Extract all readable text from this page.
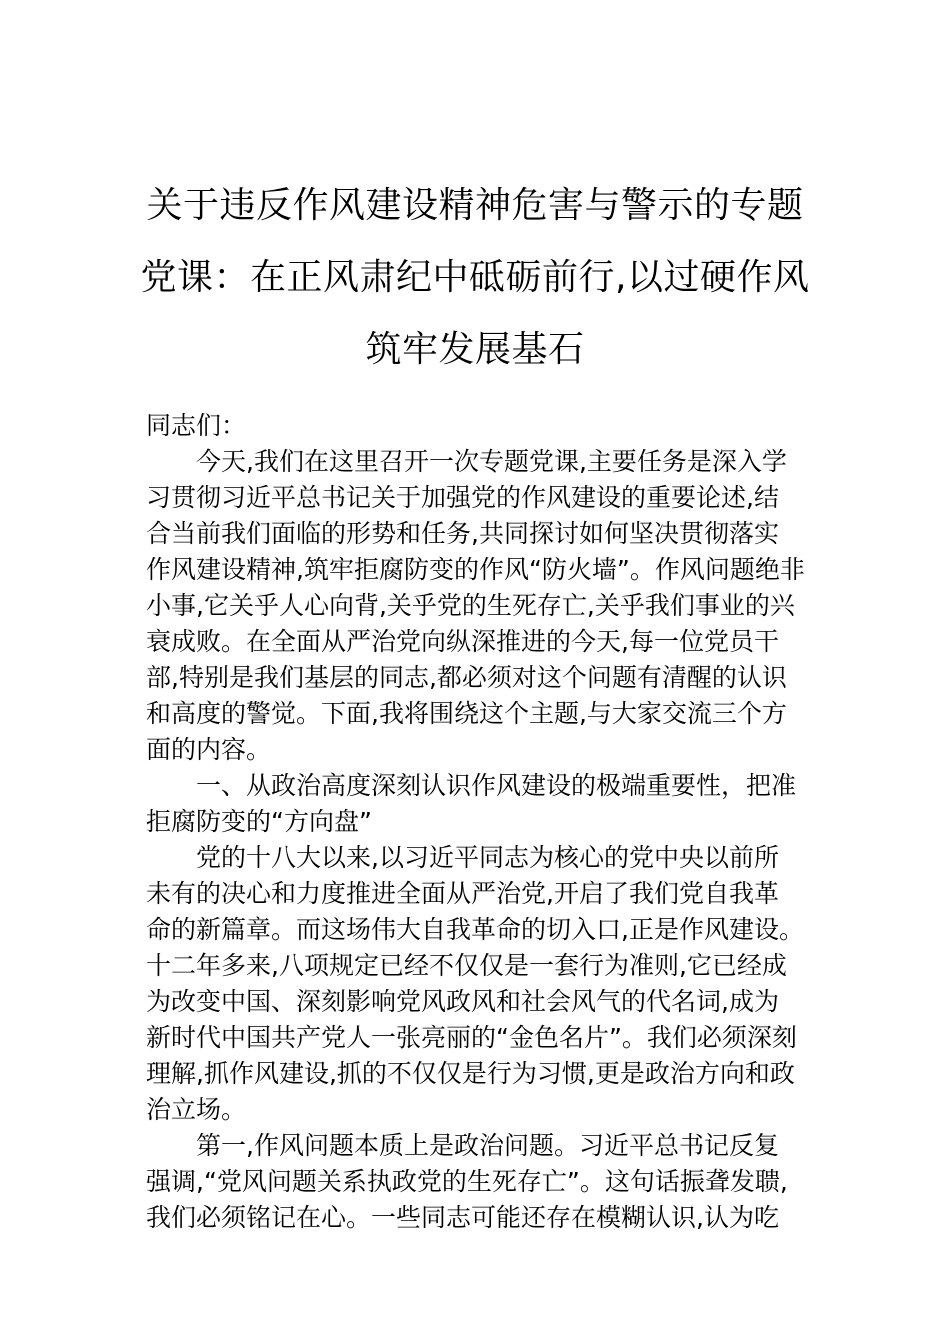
关于违反作风建设精神危害与警示的专题
党课：在正风肃纪中砥砺前行,以过硬作风
筑牢发展基石
同志们：
今天,我们在这里召开一次专题党课,主要任务是深入学
习贯彻习近平总书记关于加强党的作风建设的重要论述,结
合当前我们面临的形势和任务,共同探讨如何坚决贯彻落实
作风建设精神,筑牢拒腐防变的作风“防火墙”。作风问题绝非
小事,它关乎人心向背,关乎党的生死存亡,关乎我们事业的兴
衰成败。在全面从严治党向纵深推进的今天,每一位党员干
部,特别是我们基层的同志,都必须对这个问题有清醒的认识
和高度的警觉。下面,我将围绕这个主题,与大家交流三个方
面的内容。
一、从政治高度深刻认识作风建设的极端重要性，把准
拒腐防变的“方向盘”
党的十八大以来,以习近平同志为核心的党中央以前所
未有的决心和力度推进全面从严治党,开启了我们党自我革
命的新篇章。而这场伟大自我革命的切入口,正是作风建设。
十二年多来,八项规定已经不仅仅是一套行为准则,它已经成
为改变中国、深刻影响党风政风和社会风气的代名词,成为
新时代中国共产党人一张亮丽的“金色名片”。我们必须深刻
理解,抓作风建设,抓的不仅仅是行为习惯,更是政治方向和政
治立场。
第一,作风问题本质上是政治问题。习近平总书记反复
强调,“党风问题关系执政党的生死存亡”。这句话振聋发聩,
我们必须铭记在心。一些同志可能还存在模糊认识,认为吃
